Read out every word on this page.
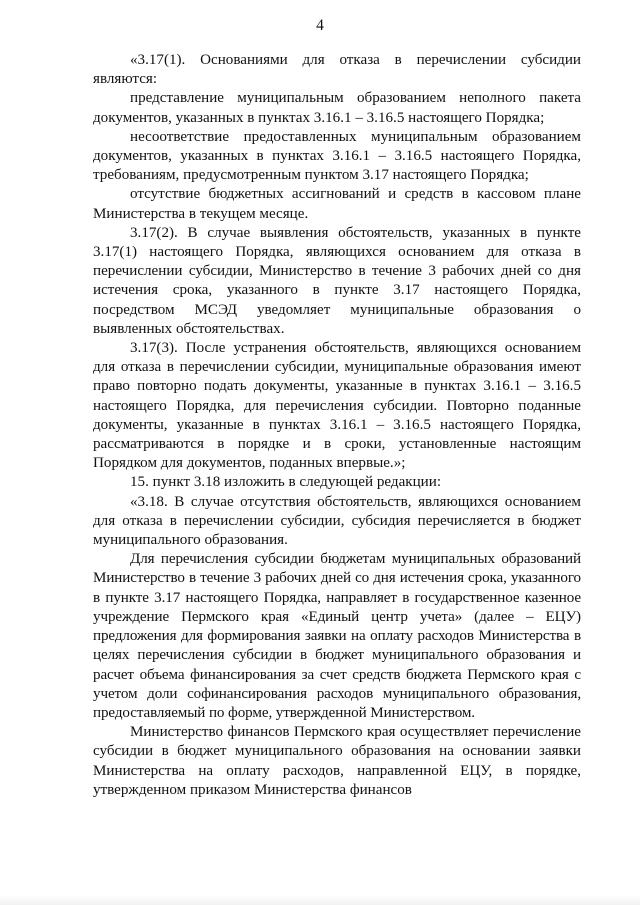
4

«3.17(1). Основаниями для отказа в перечислении субсидии являются:

представление муниципальным образованием неполного пакета документов, указанных в пунктах 3.16.1 – 3.16.5 настоящего Порядка;

несоответствие предоставленных муниципальным образованием документов, указанных в пунктах 3.16.1 – 3.16.5 настоящего Порядка, требованиям, предусмотренным пунктом 3.17 настоящего Порядка;

отсутствие бюджетных ассигнований и средств в кассовом плане Министерства в текущем месяце.

3.17(2). В случае выявления обстоятельств, указанных в пункте 3.17(1) настоящего Порядка, являющихся основанием для отказа в перечислении субсидии, Министерство в течение 3 рабочих дней со дня истечения срока, указанного в пункте 3.17 настоящего Порядка, посредством МСЭД уведомляет муниципальные образования о выявленных обстоятельствах.

3.17(3). После устранения обстоятельств, являющихся основанием для отказа в перечислении субсидии, муниципальные образования имеют право повторно подать документы, указанные в пунктах 3.16.1 – 3.16.5 настоящего Порядка, для перечисления субсидии. Повторно поданные документы, указанные в пунктах 3.16.1 – 3.16.5 настоящего Порядка, рассматриваются в порядке и в сроки, установленные настоящим Порядком для документов, поданных впервые.»;

15. пункт 3.18 изложить в следующей редакции:

«3.18. В случае отсутствия обстоятельств, являющихся основанием для отказа в перечислении субсидии, субсидия перечисляется в бюджет муниципального образования.

Для перечисления субсидии бюджетам муниципальных образований Министерство в течение 3 рабочих дней со дня истечения срока, указанного в пункте 3.17 настоящего Порядка, направляет в государственное казенное учреждение Пермского края «Единый центр учета» (далее – ЕЦУ) предложения для формирования заявки на оплату расходов Министерства в целях перечисления субсидии в бюджет муниципального образования и расчет объема финансирования за счет средств бюджета Пермского края с учетом доли софинансирования расходов муниципального образования, предоставляемый по форме, утвержденной Министерством.

Министерство финансов Пермского края осуществляет перечисление субсидии в бюджет муниципального образования на основании заявки Министерства на оплату расходов, направленной ЕЦУ, в порядке, утвержденном приказом Министерства финансов
